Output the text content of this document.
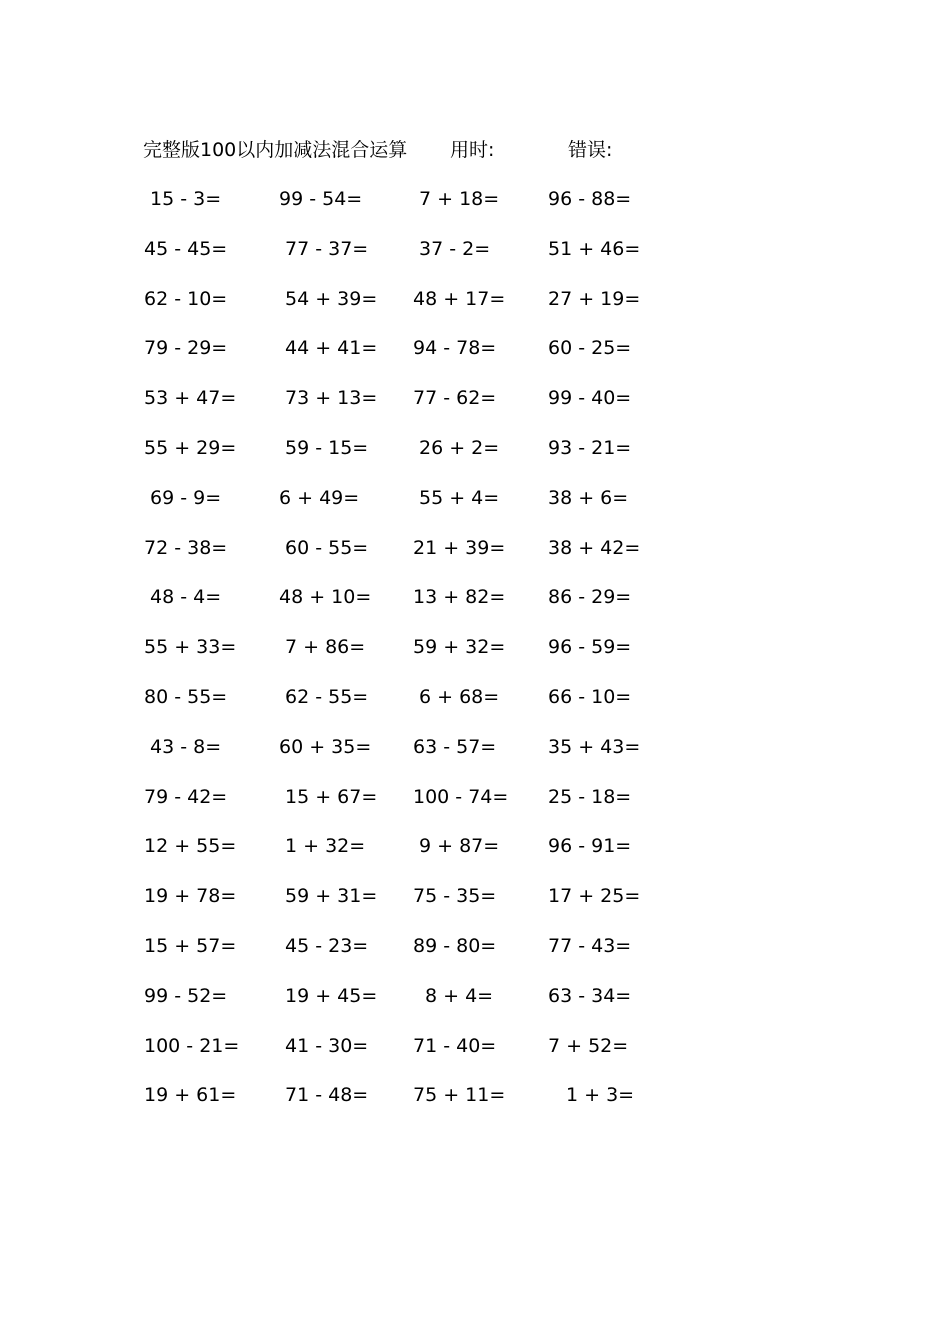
完整版100以内加减法混合运算 用时:	错误:
15 - 3=	99 - 54=	7 + 18=	96 - 88=
45 - 45=	77 - 37=	37 - 2=	51 + 46=
62 - 10=	54 + 39= 48 + 17= 27 + 19=
79 - 29=	44 + 41= 94 - 78=	60 - 25=
53 + 47=	73 + 13= 77 - 62=	99 - 40=
55 + 29=	59 - 15=	26 + 2=	93 - 21=
69 - 9=	6 + 49=	55 + 4=	38 + 6=
72 - 38=	60 - 55= 21 + 39= 38 + 42=
48 - 4=	48 + 10= 13 + 82= 86 - 29=
55 + 33=	7 + 86=	59 + 32= 96 - 59=
80 - 55=	62 - 55=	6 + 68=	66 - 10=
43 - 8=	60 + 35= 63 - 57=	35 + 43=
79 - 42=	15 + 67= 100 - 74= 25 - 18=
12 + 55=	1 + 32=	9 + 87=	96 - 91=
19 + 78=	59 + 31= 75 - 35=	17 + 25=
15 + 57=	45 - 23= 89 - 80=	77 - 43=
99 - 52=	19 + 45=	8 + 4=	63 - 34=
100 - 21= 41 - 30= 71 - 40=	7 + 52=
19 + 61=	71 - 48= 75 + 11=	1 + 3=
